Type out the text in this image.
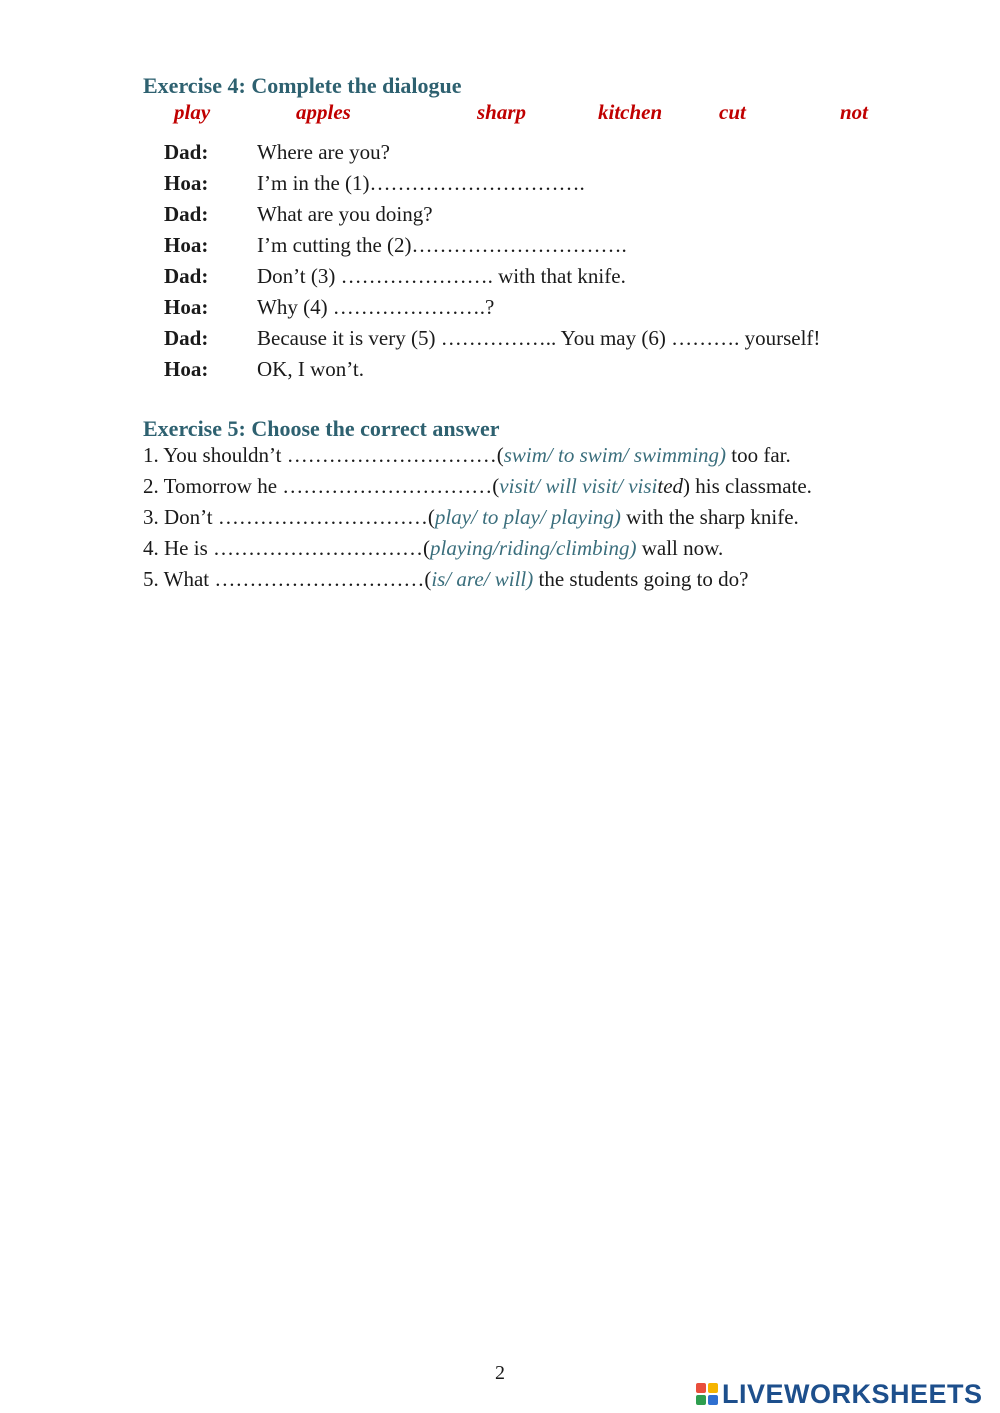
Exercise 4: Complete the dialogue
play	apples	sharp	kitchen	cut	not
Dad: Where are you?
Hoa: I’m in the (1)………………………….
Dad: What are you doing?
Hoa: I’m cutting the (2)………………………….
Dad: Don’t (3) …………………. with that knife.
Hoa: Why (4) ………………….?
Dad: Because it is very (5) …………….. You may (6) ………. yourself!
Hoa: OK, I won’t.
Exercise 5: Choose the correct answer
1. You shouldn’t …………………………(swim/ to swim/ swimming) too far.
2. Tomorrow he …………………………(visit/ will visit/ visited) his classmate.
3. Don’t …………………………(play/ to play/ playing) with the sharp knife.
4. He is …………………………(playing/riding/climbing) wall now.
5. What …………………………(is/ are/ will) the students going to do?
2
LIVEWORKSHEETS
